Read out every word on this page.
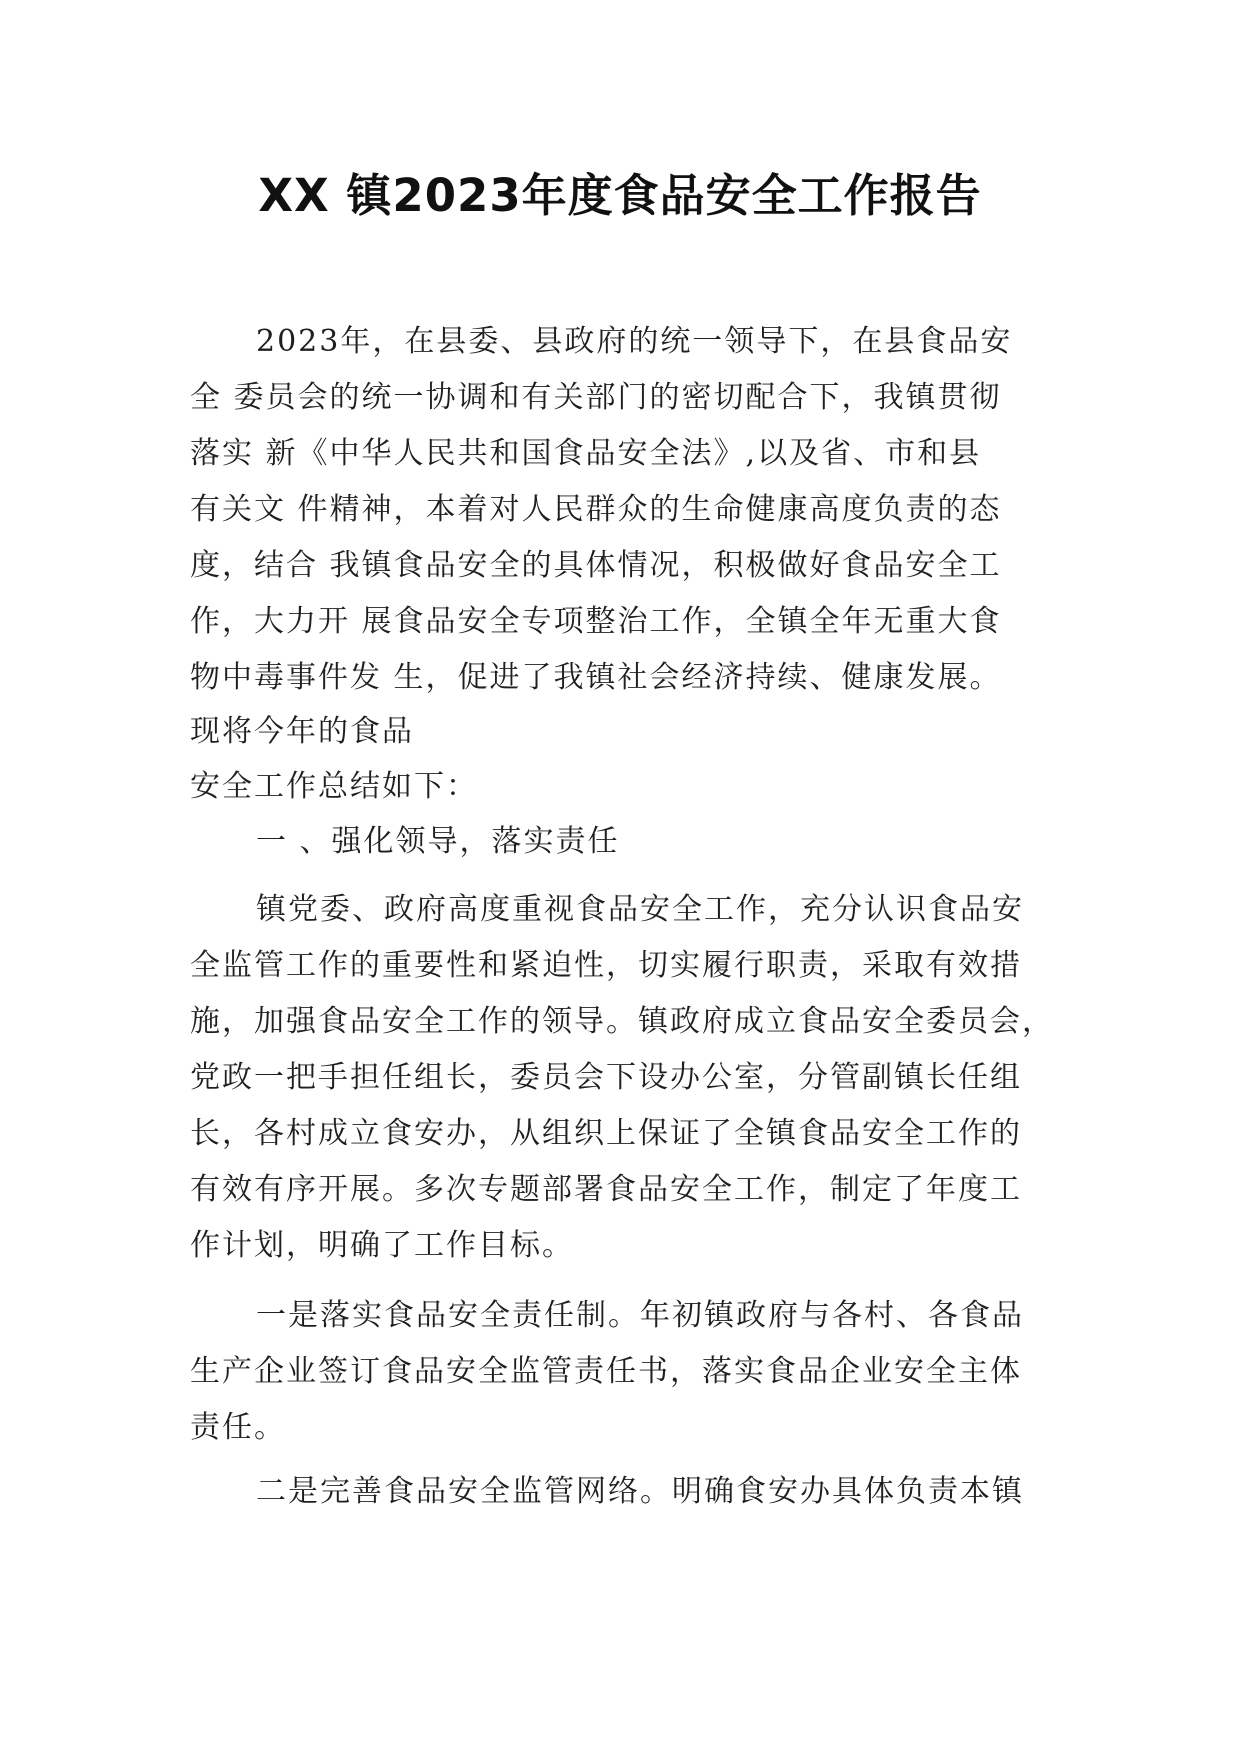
XX 镇2023年度食品安全工作报告
2023年，在县委、县政府的统一领导下，在县食品安
全 委员会的统一协调和有关部门的密切配合下，我镇贯彻
落实 新《中华人民共和国食品安全法》,以及省、市和县
有关文 件精神，本着对人民群众的生命健康高度负责的态
度，结合 我镇食品安全的具体情况，积极做好食品安全工
作，大力开 展食品安全专项整治工作，全镇全年无重大食
物中毒事件发 生，促进了我镇社会经济持续、健康发展。
现将今年的食品
安全工作总结如下：
一 、强化领导，落实责任
镇党委、政府高度重视食品安全工作，充分认识食品安
全监管工作的重要性和紧迫性，切实履行职责，采取有效措
施，加强食品安全工作的领导。镇政府成立食品安全委员会，
党政一把手担任组长，委员会下设办公室，分管副镇长任组
长，各村成立食安办，从组织上保证了全镇食品安全工作的
有效有序开展。多次专题部署食品安全工作，制定了年度工
作计划，明确了工作目标。
一是落实食品安全责任制。年初镇政府与各村、各食品
生产企业签订食品安全监管责任书，落实食品企业安全主体
责任。
二是完善食品安全监管网络。明确食安办具体负责本镇
